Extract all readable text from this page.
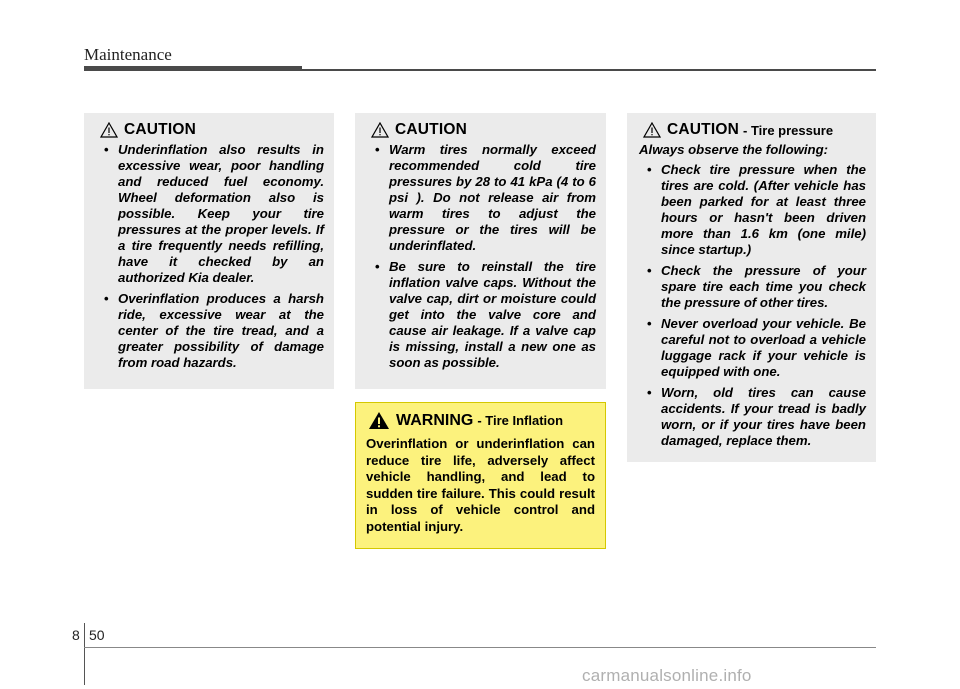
Maintenance
CAUTION
• Underinflation also results in excessive wear, poor handling and reduced fuel economy. Wheel deformation also is possible. Keep your tire pressures at the proper levels. If a tire frequently needs refilling, have it checked by an authorized Kia dealer.
• Overinflation produces a harsh ride, excessive wear at the center of the tire tread, and a greater possibility of damage from road hazards.
CAUTION
• Warm tires normally exceed recommended cold tire pressures by 28 to 41 kPa (4 to 6 psi ). Do not release air from warm tires to adjust the pressure or the tires will be underinflated.
• Be sure to reinstall the tire inflation valve caps. Without the valve cap, dirt or moisture could get into the valve core and cause air leakage. If a valve cap is missing, install a new one as soon as possible.
CAUTION - Tire pressure
Always observe the following:
• Check tire pressure when the tires are cold. (After vehicle has been parked for at least three hours or hasn't been driven more than 1.6 km (one mile) since startup.)
• Check the pressure of your spare tire each time you check the pressure of other tires.
• Never overload your vehicle. Be careful not to overload a vehicle luggage rack if your vehicle is equipped with one.
• Worn, old tires can cause accidents. If your tread is badly worn, or if your tires have been damaged, replace them.
WARNING - Tire Inflation
Overinflation or underinflation can reduce tire life, adversely affect vehicle handling, and lead to sudden tire failure. This could result in loss of vehicle control and potential injury.
8 50
carmanualsonline.info
